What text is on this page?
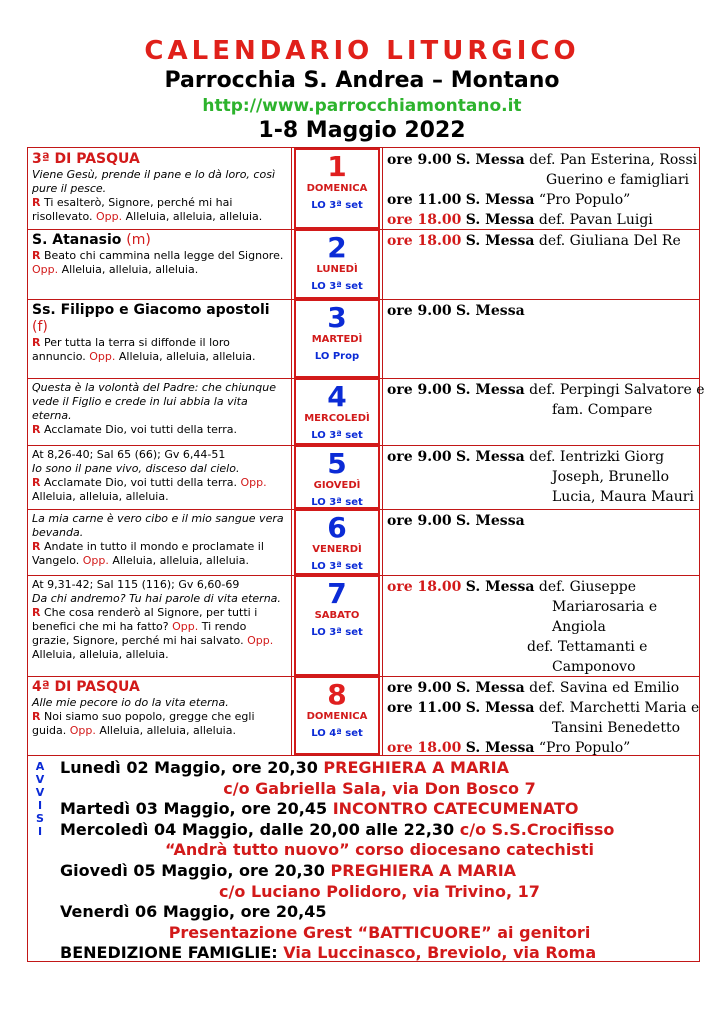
CALENDARIO LITURGICO
Parrocchia S. Andrea – Montano
http://www.parrocchiamontano.it
1-8 Maggio 2022
3ª DI PASQUA
Viene Gesù, prende il pane e lo dà loro, così pure il pesce.
R Ti esalterò, Signore, perché mi hai risollevato. Opp. Alleluia, alleluia, alleluia.
1
DOMENICA
LO 3ª set
ore 9.00 S. Messa def. Pan Esterina, Rossi
Guerino e famigliari
ore 11.00 S. Messa “Pro Populo”
ore 18.00 S. Messa def. Pavan Luigi
S. Atanasio (m)
R Beato chi cammina nella legge del Signore. Opp. Alleluia, alleluia, alleluia.
2
LUNEDÌ
LO 3ª set
ore 18.00 S. Messa def. Giuliana Del Re
Ss. Filippo e Giacomo apostoli (f)
R Per tutta la terra si diffonde il loro annuncio. Opp. Alleluia, alleluia, alleluia.
3
MARTEDÌ
LO Prop
ore 9.00 S. Messa
Questa è la volontà del Padre: che chiunque vede il Figlio e crede in lui abbia la vita eterna.
R Acclamate Dio, voi tutti della terra.
4
MERCOLEDÌ
LO 3ª set
ore 9.00 S. Messa def. Perpingi Salvatore e
fam. Compare
At 8,26-40; Sal 65 (66); Gv 6,44-51
Io sono il pane vivo, disceso dal cielo.
R Acclamate Dio, voi tutti della terra. Opp. Alleluia, alleluia, alleluia.
5
GIOVEDÌ
LO 3ª set
ore 9.00 S. Messa def. Ientrizki Giorg
Joseph, Brunello
Lucia, Maura Mauri
La mia carne è vero cibo e il mio sangue vera bevanda.
R Andate in tutto il mondo e proclamate il Vangelo. Opp. Alleluia, alleluia, alleluia.
6
VENERDÌ
LO 3ª set
ore 9.00 S. Messa
At 9,31-42; Sal 115 (116); Gv 6,60-69
Da chi andremo? Tu hai parole di vita eterna.
R Che cosa renderò al Signore, per tutti i benefici che mi ha fatto? Opp. Ti rendo grazie, Signore, perché mi hai salvato. Opp. Alleluia, alleluia, alleluia.
7
SABATO
LO 3ª set
ore 18.00 S. Messa def. Giuseppe
Mariarosaria e
Angiola
def. Tettamanti e
Camponovo
4ª DI PASQUA
Alle mie pecore io do la vita eterna.
R Noi siamo suo popolo, gregge che egli guida. Opp. Alleluia, alleluia, alleluia.
8
DOMENICA
LO 4ª set
ore 9.00 S. Messa def. Savina ed Emilio
ore 11.00 S. Messa def. Marchetti Maria e
Tansini Benedetto
ore 18.00 S. Messa “Pro Populo”
A
V
V
I
S
I
Lunedì 02 Maggio, ore 20,30 PREGHIERA A MARIA
c/o Gabriella Sala, via Don Bosco 7
Martedì 03 Maggio, ore 20,45 INCONTRO CATECUMENATO
Mercoledì 04 Maggio, dalle 20,00 alle 22,30 c/o S.S.Crocifisso
“Andrà tutto nuovo” corso diocesano catechisti
Giovedì 05 Maggio, ore 20,30 PREGHIERA A MARIA
c/o Luciano Polidoro, via Trivino, 17
Venerdì 06 Maggio, ore 20,45
Presentazione Grest “BATTICUORE” ai genitori
BENEDIZIONE FAMIGLIE: Via Luccinasco, Breviolo, via Roma
